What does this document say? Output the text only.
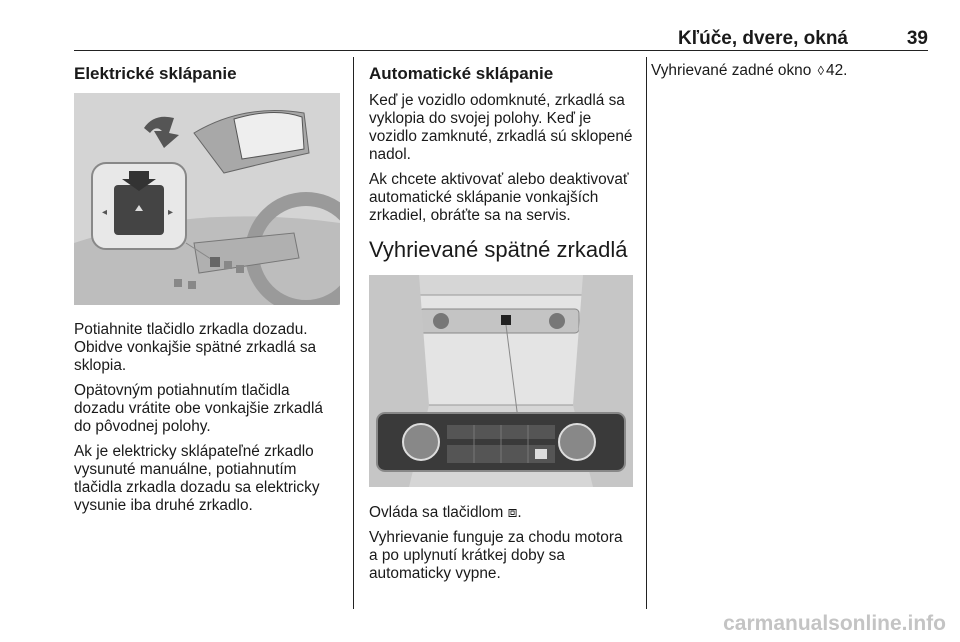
Kľúče, dvere, okná	39
Elektrické sklápanie
◂	▸

Potiahnite tlačidlo zrkadla dozadu. Obidve vonkajšie spätné zrkadlá sa sklopia.

Opätovným potiahnutím tlačidla dozadu vrátite obe vonkajšie zrkadlá do pôvodnej polohy.

Ak je elektricky sklápateľné zrkadlo vysunuté manuálne, potiahnutím tlačidla zrkadla dozadu sa elektricky vysunie iba druhé zrkadlo.

Automatické sklápanie

Keď je vozidlo odomknuté, zrkadlá sa vyklopia do svojej polohy. Keď je vozidlo zamknuté, zrkadlá sú sklopené nadol.

Ak chcete aktivovať alebo deaktivovať automatické sklápanie vonkajších zrkadiel, obráťte sa na servis.

Vyhrievané spätné zrkadlá

Ovláda sa tlačidlom ⧈.

Vyhrievanie funguje za chodu motora a po uplynutí krátkej doby sa automaticky vypne.

Vyhrievané zadné okno ◊ 42.

carmanualsonline.info
